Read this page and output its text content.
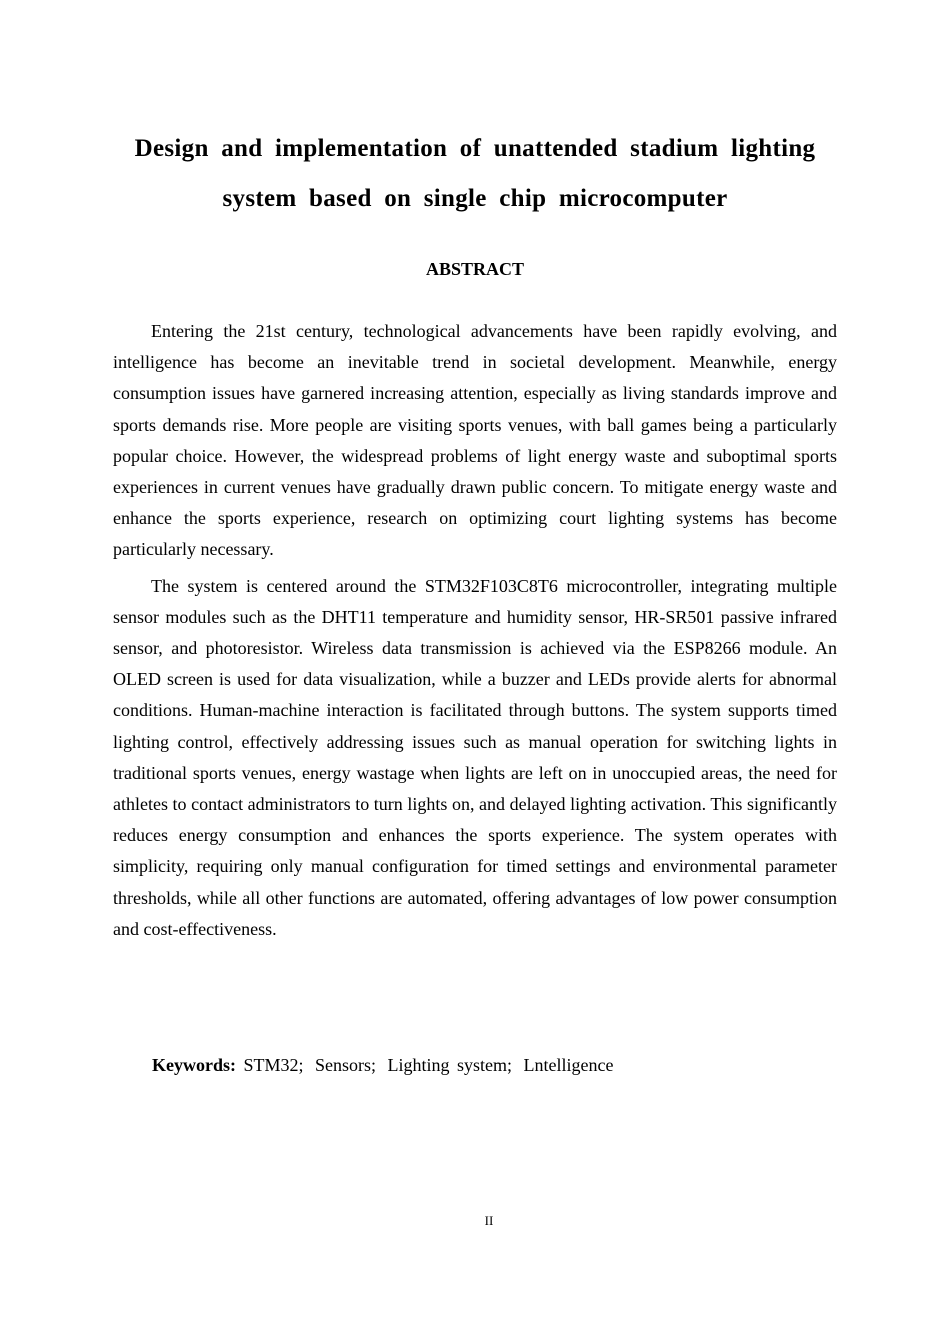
Design and implementation of unattended stadium lighting
system based on single chip microcomputer
ABSTRACT

Entering the 21st century, technological advancements have been rapidly evolving, and intelligence has become an inevitable trend in societal development. Meanwhile, energy consumption issues have garnered increasing attention, especially as living standards improve and sports demands rise. More people are visiting sports venues, with ball games being a particularly popular choice. However, the widespread problems of light energy waste and suboptimal sports experiences in current venues have gradually drawn public concern. To mitigate energy waste and enhance the sports experience, research on optimizing court lighting systems has become particularly necessary.

The system is centered around the STM32F103C8T6 microcontroller, integrating multiple sensor modules such as the DHT11 temperature and humidity sensor, HR-SR501 passive infrared sensor, and photoresistor. Wireless data transmission is achieved via the ESP8266 module. An OLED screen is used for data visualization, while a buzzer and LEDs provide alerts for abnormal conditions. Human-machine interaction is facilitated through buttons. The system supports timed lighting control, effectively addressing issues such as manual operation for switching lights in traditional sports venues, energy wastage when lights are left on in unoccupied areas, the need for athletes to contact administrators to turn lights on, and delayed lighting activation. This significantly reduces energy consumption and enhances the sports experience. The system operates with simplicity, requiring only manual configuration for timed settings and environmental parameter thresholds, while all other functions are automated, offering advantages of low power consumption and cost-effectiveness.

Keywords: STM32; Sensors; Lighting system; Lntelligence
II
